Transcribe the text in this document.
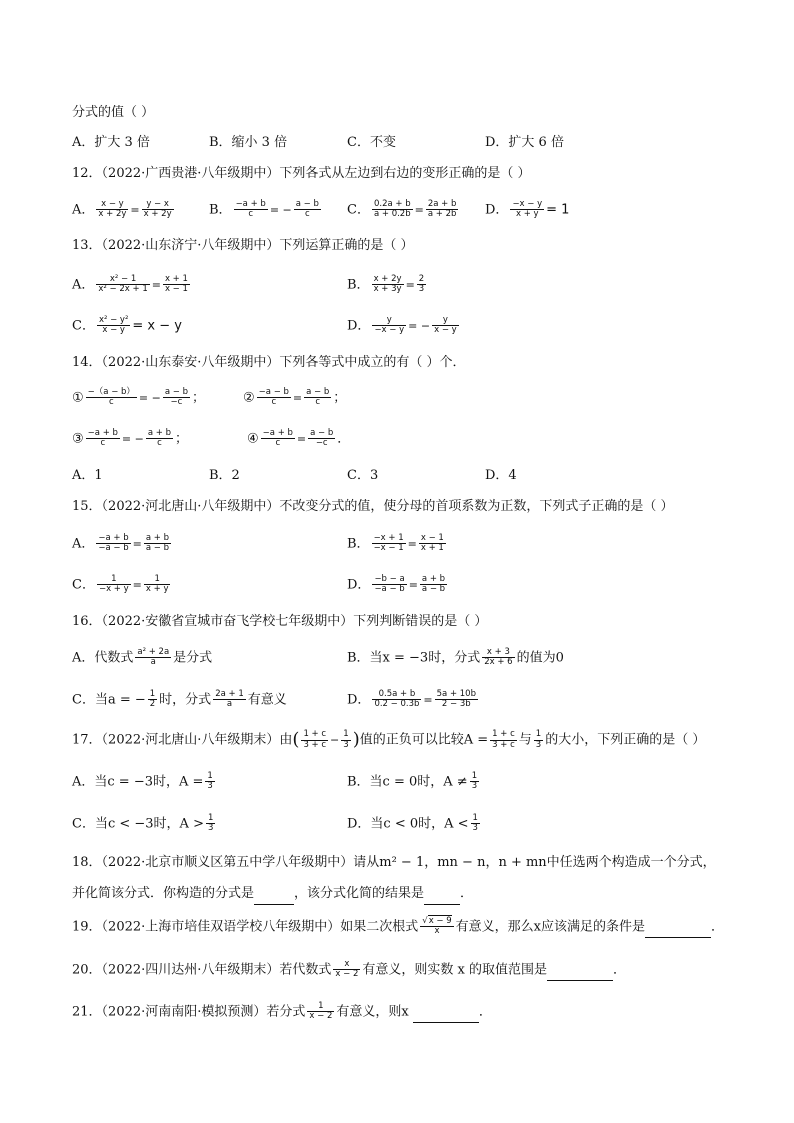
分式的值（ ）
A．扩大 3 倍	B．缩小 3 倍	C．不变	D．扩大 6 倍
12．（2022·广西贵港·八年级期中）下列各式从左边到右边的变形正确的是（ ）
A． $\frac{x - y}{x + 2y} = \frac{y - x}{x + 2y}$	B． $\frac{-a + b}{c}$ = − $\frac{a - b}{c}$ C． $\frac{0.2a + b}{a + 0.2b} = \frac{2a + b}{a + 2b}$ D． $\frac{-x - y}{x + y} = 1$
13．（2022·山东济宁·八年级期中）下列运算正确的是（ ）
A． $\frac{\text{x² − 1}}{\text{x² − 2x + 1}} = \frac{x + 1}{x - 1}$	B． $\frac{x + 2y}{x + 3y} = \frac{2}{3}$
C． $\frac{\text{x² − y²}}{x - y} = x - y$	D． $\frac{y}{-x - y}$ = − $\frac{y}{x - y}$
14．（2022·山东泰安·八年级期中）下列各等式中成立的有（ ）个．
① $\frac{-(a - b)}{c}$ = − $\frac{a - b}{-c}$ ；	② $\frac{-a - b}{c} = \frac{a - b}{c}$ ；
③ $\frac{-a + b}{c}$ = − $\frac{a + b}{c}$ ；	④ $\frac{-a + b}{c} = \frac{a - b}{-c}$ ．
A．1	B．2	C．3	D．4
15．（2022·河北唐山·八年级期中）不改变分式的值，使分母的首项系数为正数，下列式子正确的是（ ）
A． $\frac{-a + b}{-a - b} = \frac{a + b}{a - b}$	B． $\frac{-x + 1}{-x - 1} = \frac{x - 1}{x + 1}$
C． $\frac{1}{-x + y} = \frac{1}{x + y}$	D． $\frac{-b - a}{-a - b} = \frac{a + b}{a - b}$
16．（2022·安徽省宣城市奋飞学校七年级期中）下列判断错误的是（ ）
A．代数式 $\frac{\text{a² + 2a}}{a}$ 是分式	B．当x = −3时，分式 $\frac{x + 3}{2x + 6}$ 的值为0
C．当a = − $\frac{1}{2}$ 时，分式 $\frac{2a + 1}{a}$ 有意义	D． $\frac{0.5a + b}{0.2 - 0.3b} = \frac{5a + 10b}{2 - 3b}$
17．（2022·河北唐山·八年级期末）由( $\frac{1 + c}{3 + c} - \frac{1}{3}$ )值的正负可以比较$A = \frac{1 + c}{3 + c}$ 与 $\frac{1}{3}$ 的大小，下列正确的是（ ）
A．当c = −3时，$A = \frac{1}{3}$	B．当c = 0时，$A \ne \frac{1}{3}$
C．当c < −3时，$A > \frac{1}{3}$	D．当c < 0时，$A < \frac{1}{3}$
18．（2022·北京市顺义区第五中学八年级期中）请从m² − 1，mn − n，n + mn中任选两个构造成一个分式，
并化简该分式．你构造的分式是	，该分式化简的结果是	．
19．（2022·上海市培佳双语学校八年级期中）如果二次根式 $\frac{√x - 9}{x}$ 有意义，那么x应该满足的条件是	．
20．（2022·四川达州·八年级期末）若代数式 $\frac{x}{x - 2}$ 有意义，则实数 x 的取值范围是	．
21．（2022·河南南阳·模拟预测）若分式 $\frac{1}{x - 2}$ 有意义，则x	．
